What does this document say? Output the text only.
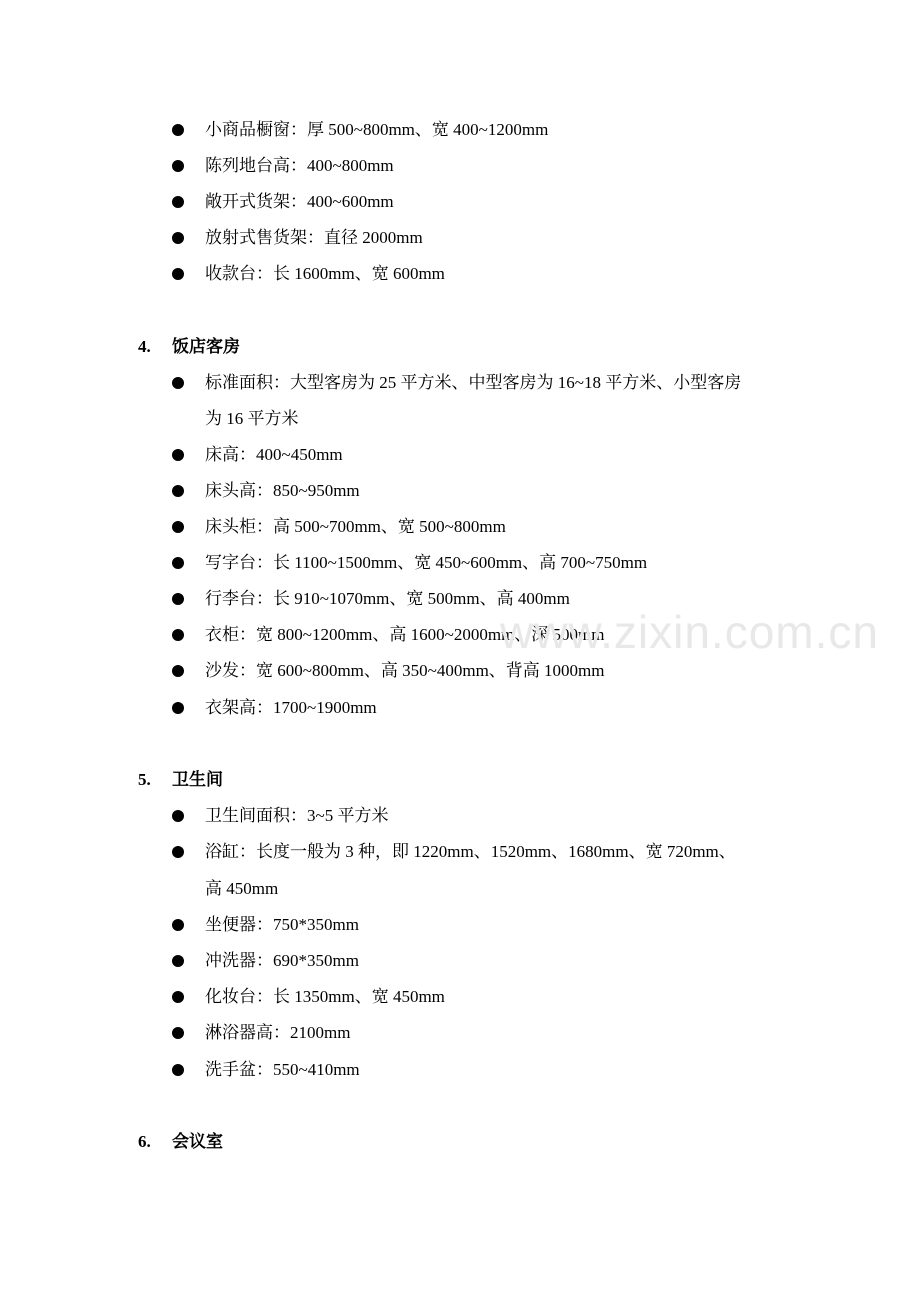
小商品橱窗：厚 500~800mm、宽 400~1200mm
陈列地台高：400~800mm
敞开式货架：400~600mm
放射式售货架：直径 2000mm
收款台：长 1600mm、宽 600mm
4. 饭店客房
标准面积：大型客房为 25 平方米、中型客房为 16~18 平方米、小型客房
为 16 平方米
床高：400~450mm
床头高：850~950mm
床头柜：高 500~700mm、宽 500~800mm
写字台：长 1100~1500mm、宽 450~600mm、高 700~750mm
行李台：长 910~1070mm、宽 500mm、高 400mm
衣柜：宽 800~1200mm、高 1600~2000mm、深 500mm
沙发：宽 600~800mm、高 350~400mm、背高 1000mm
衣架高：1700~1900mm
5. 卫生间
卫生间面积：3~5 平方米
浴缸：长度一般为 3 种，即 1220mm、1520mm、1680mm、宽 720mm、
高 450mm
坐便器：750*350mm
冲洗器：690*350mm
化妆台：长 1350mm、宽 450mm
淋浴器高：2100mm
洗手盆：550~410mm
6. 会议室
www.zixin.com.cn
